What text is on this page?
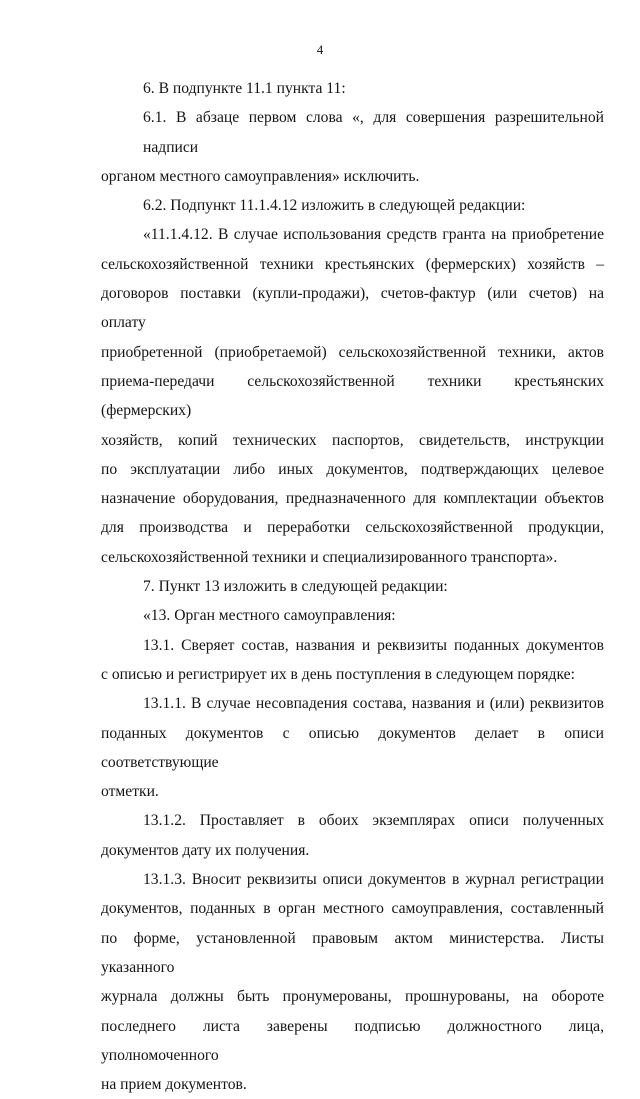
4
6. В подпункте 11.1 пункта 11:
6.1. В абзаце первом слова «, для совершения разрешительной надписи
органом местного самоуправления» исключить.
6.2. Подпункт 11.1.4.12 изложить в следующей редакции:
«11.1.4.12. В случае использования средств гранта на приобретение
сельскохозяйственной техники крестьянских (фермерских) хозяйств –
договоров поставки (купли-продажи), счетов-фактур (или счетов) на оплату
приобретенной (приобретаемой) сельскохозяйственной техники, актов
приема-передачи сельскохозяйственной техники крестьянских (фермерских)
хозяйств, копий технических паспортов, свидетельств, инструкции
по эксплуатации либо иных документов, подтверждающих целевое
назначение оборудования, предназначенного для комплектации объектов
для производства и переработки сельскохозяйственной продукции,
сельскохозяйственной техники и специализированного транспорта».
7. Пункт 13 изложить в следующей редакции:
«13. Орган местного самоуправления:
13.1. Сверяет состав, названия и реквизиты поданных документов
с описью и регистрирует их в день поступления в следующем порядке:
13.1.1. В случае несовпадения состава, названия и (или) реквизитов
поданных документов с описью документов делает в описи соответствующие
отметки.
13.1.2. Проставляет в обоих экземплярах описи полученных
документов дату их получения.
13.1.3. Вносит реквизиты описи документов в журнал регистрации
документов, поданных в орган местного самоуправления, составленный
по форме, установленной правовым актом министерства. Листы указанного
журнала должны быть пронумерованы, прошнурованы, на обороте
последнего листа заверены подписью должностного лица, уполномоченного
на прием документов.
